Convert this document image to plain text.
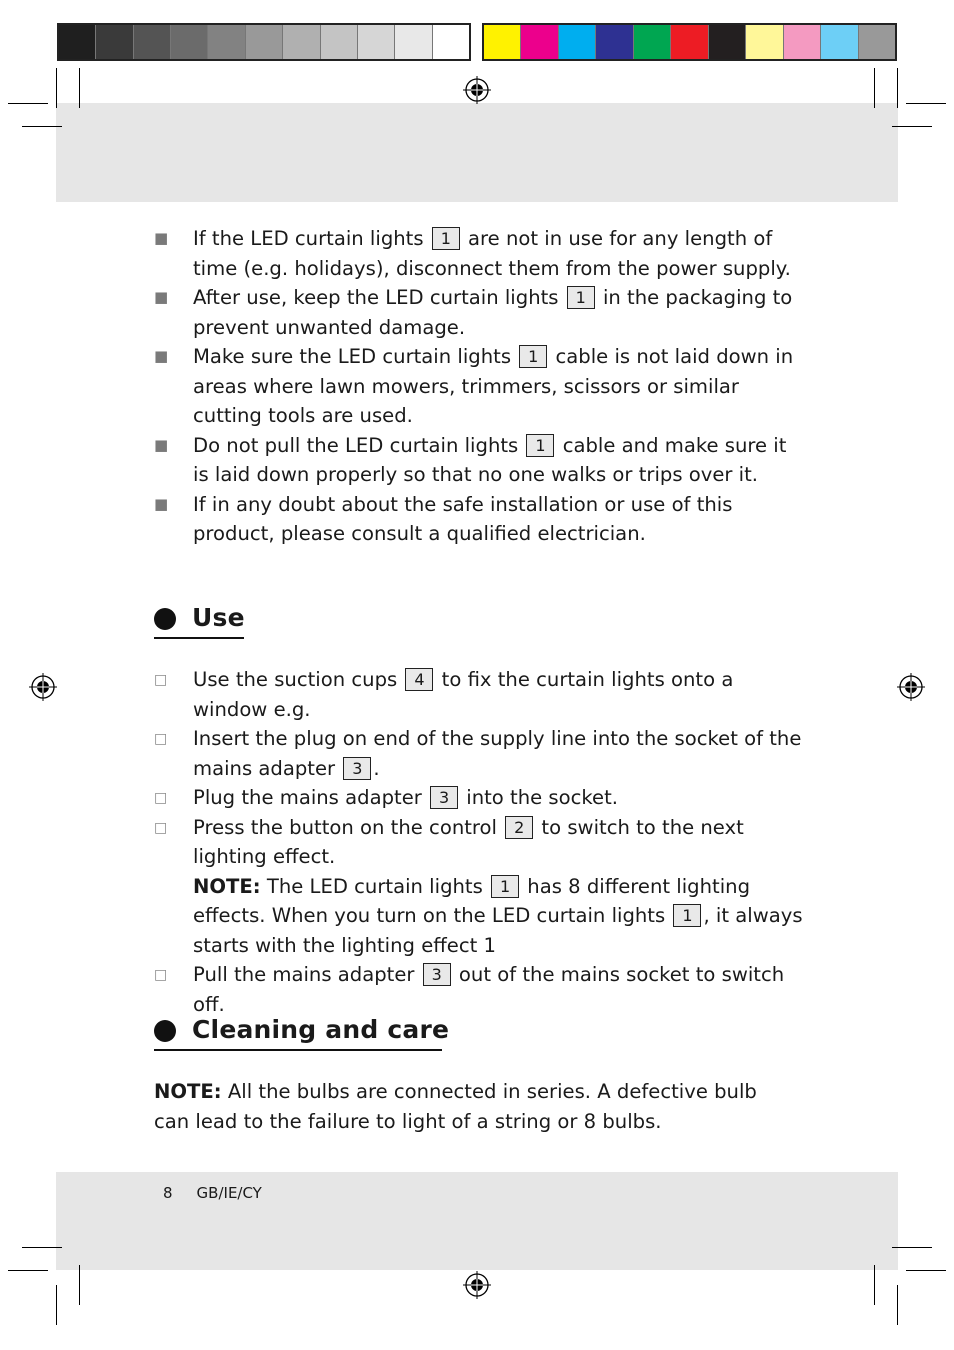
■
If the LED curtain lights 1 are not in use for any length of time (e.g. holidays), disconnect them from the power supply.
■
After use, keep the LED curtain lights 1 in the packaging to prevent unwanted damage.
■
Make sure the LED curtain lights 1 cable is not laid down in areas where lawn mowers, trimmers, scissors or similar cutting tools are used.
■
Do not pull the LED curtain lights 1 cable and make sure it is laid down properly so that no one walks or trips over it.
■
If in any doubt about the safe installation or use of this product, please consult a qualified electrician.
Use
□
Use the suction cups 4 to fix the curtain lights onto a window e.g.
□
Insert the plug on end of the supply line into the socket of the mains adapter 3 .
□
Plug the mains adapter 3 into the socket.
□
Press the button on the control 2 to switch to the next lighting effect.
NOTE: The LED curtain lights 1 has 8 different lighting effects. When you turn on the LED curtain lights 1 , it always starts with the lighting effect 1
□
Pull the mains adapter 3 out of the mains socket to switch off.
Cleaning and care
NOTE: All the bulbs are connected in series. A defective bulb can lead to the failure to light of a string or 8 bulbs.
8 GB/IE/CY
